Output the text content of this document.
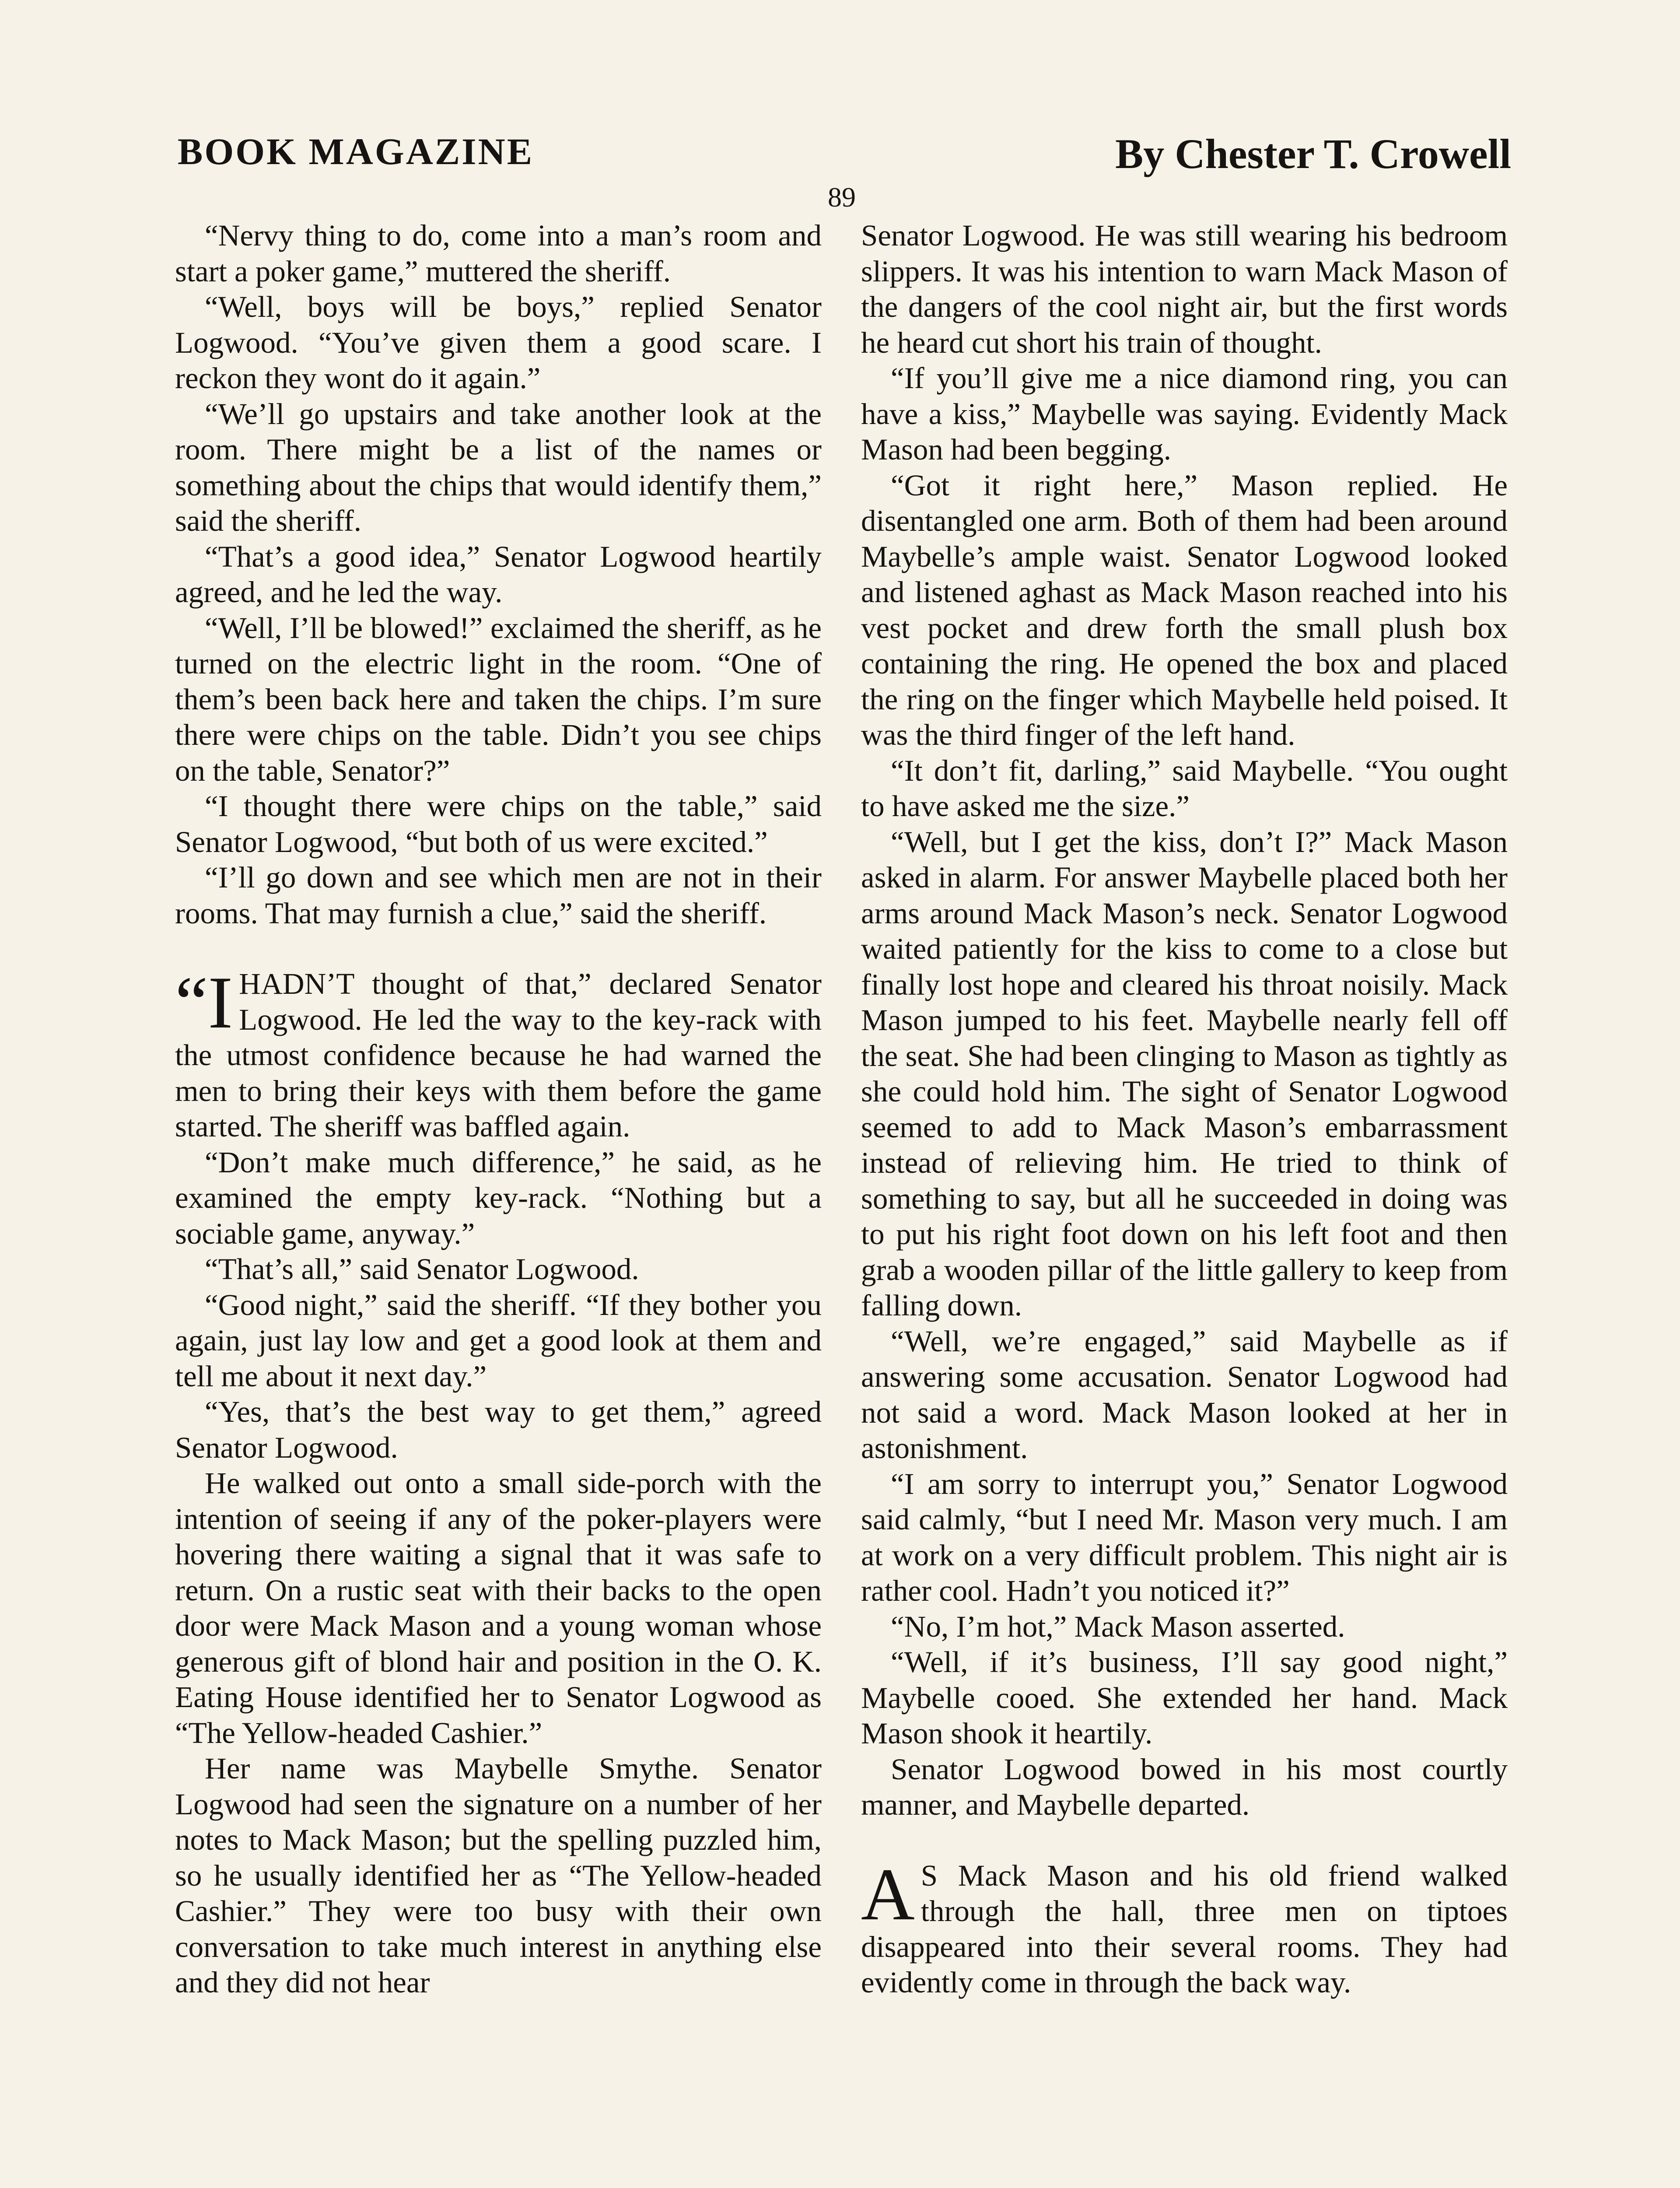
BOOK MAGAZINE	By Chester T. Crowell
89

“Nervy thing to do, come into a man’s room and start a poker game,” muttered the sheriff.

“Well, boys will be boys,” replied Senator Logwood. “You’ve given them a good scare. I reckon they wont do it again.”

“We’ll go upstairs and take another look at the room. There might be a list of the names or something about the chips that would identify them,” said the sheriff.

“That’s a good idea,” Senator Logwood heartily agreed, and he led the way.

“Well, I’ll be blowed!” exclaimed the sheriff, as he turned on the electric light in the room. “One of them’s been back here and taken the chips. I’m sure there were chips on the table. Didn’t you see chips on the table, Senator?”

“I thought there were chips on the table,” said Senator Logwood, “but both of us were excited.”

“I’ll go down and see which men are not in their rooms. That may furnish a clue,” said the sheriff.

“I HADN’T thought of that,” declared Senator Logwood. He led the way to the key-rack with the utmost confidence because he had warned the men to bring their keys with them before the game started. The sheriff was baffled again.

“Don’t make much difference,” he said, as he examined the empty key-rack. “Nothing but a sociable game, anyway.”

“That’s all,” said Senator Logwood.

“Good night,” said the sheriff. “If they bother you again, just lay low and get a good look at them and tell me about it next day.”

“Yes, that’s the best way to get them,” agreed Senator Logwood.

He walked out onto a small side-porch with the intention of seeing if any of the poker-players were hovering there waiting a signal that it was safe to return. On a rustic seat with their backs to the open door were Mack Mason and a young woman whose generous gift of blond hair and position in the O. K. Eating House identified her to Senator Logwood as “The Yellow-headed Cashier.”

Her name was Maybelle Smythe. Senator Logwood had seen the signature on a number of her notes to Mack Mason; but the spelling puzzled him, so he usually identified her as “The Yellow-headed Cashier.” They were too busy with their own conversation to take much interest in anything else and they did not hear

Senator Logwood. He was still wearing his bedroom slippers. It was his intention to warn Mack Mason of the dangers of the cool night air, but the first words he heard cut short his train of thought.

“If you’ll give me a nice diamond ring, you can have a kiss,” Maybelle was saying. Evidently Mack Mason had been begging.

“Got it right here,” Mason replied. He disentangled one arm. Both of them had been around Maybelle’s ample waist. Senator Logwood looked and listened aghast as Mack Mason reached into his vest pocket and drew forth the small plush box containing the ring. He opened the box and placed the ring on the finger which Maybelle held poised. It was the third finger of the left hand.

“It don’t fit, darling,” said Maybelle. “You ought to have asked me the size.”

“Well, but I get the kiss, don’t I?” Mack Mason asked in alarm. For answer Maybelle placed both her arms around Mack Mason’s neck. Senator Logwood waited patiently for the kiss to come to a close but finally lost hope and cleared his throat noisily. Mack Mason jumped to his feet. Maybelle nearly fell off the seat. She had been clinging to Mason as tightly as she could hold him. The sight of Senator Logwood seemed to add to Mack Mason’s embarrassment instead of relieving him. He tried to think of something to say, but all he succeeded in doing was to put his right foot down on his left foot and then grab a wooden pillar of the little gallery to keep from falling down.

“Well, we’re engaged,” said Maybelle as if answering some accusation. Senator Logwood had not said a word. Mack Mason looked at her in astonishment.

“I am sorry to interrupt you,” Senator Logwood said calmly, “but I need Mr. Mason very much. I am at work on a very difficult problem. This night air is rather cool. Hadn’t you noticed it?”

“No, I’m hot,” Mack Mason asserted.

“Well, if it’s business, I’ll say good night,” Maybelle cooed. She extended her hand. Mack Mason shook it heartily.

Senator Logwood bowed in his most courtly manner, and Maybelle departed.

A S Mack Mason and his old friend walked through the hall, three men on tiptoes disappeared into their several rooms. They had evidently come in through the back way.
